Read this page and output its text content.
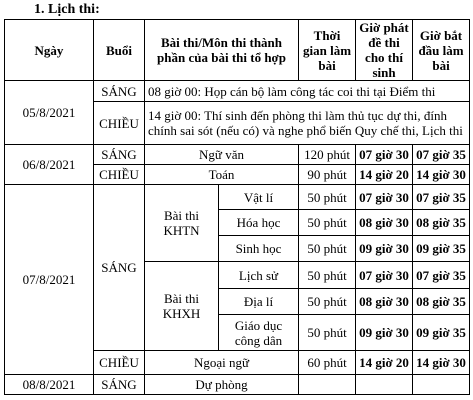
1. Lịch thi:
Ngày	Buổi	Bài thi/Môn thi thành phần của bài thi tổ hợp		Thời gian làm bài	Giờ phát đề thi cho thí sinh	Giờ bắt đầu làm bài
05/8/2021	SÁNG	08 giờ 00: Họp cán bộ làm công tác coi thi tại Điểm thi				
	CHIỀU	14 giờ 00: Thí sinh đến phòng thi làm thủ tục dự thi, đính chính sai sót (nếu có) và nghe phổ biến Quy chế thi, Lịch thi				
06/8/2021	SÁNG	Ngữ văn		120 phút	07 giờ 30	07 giờ 35
	CHIỀU	Toán		90 phút	14 giờ 20	14 giờ 30
07/8/2021	SÁNG	Bài thi KHTN	Vật lí	50 phút	07 giờ 30	07 giờ 35
			Hóa học	50 phút	08 giờ 30	08 giờ 35
			Sinh học	50 phút	09 giờ 30	09 giờ 35
		Bài thi KHXH	Lịch sử	50 phút	07 giờ 30	07 giờ 35
			Địa lí	50 phút	08 giờ 30	08 giờ 35
			Giáo dục công dân	50 phút	09 giờ 30	09 giờ 35
	CHIỀU	Ngoại ngữ		60 phút	14 giờ 20	14 giờ 30
08/8/2021	SÁNG	Dự phòng				
